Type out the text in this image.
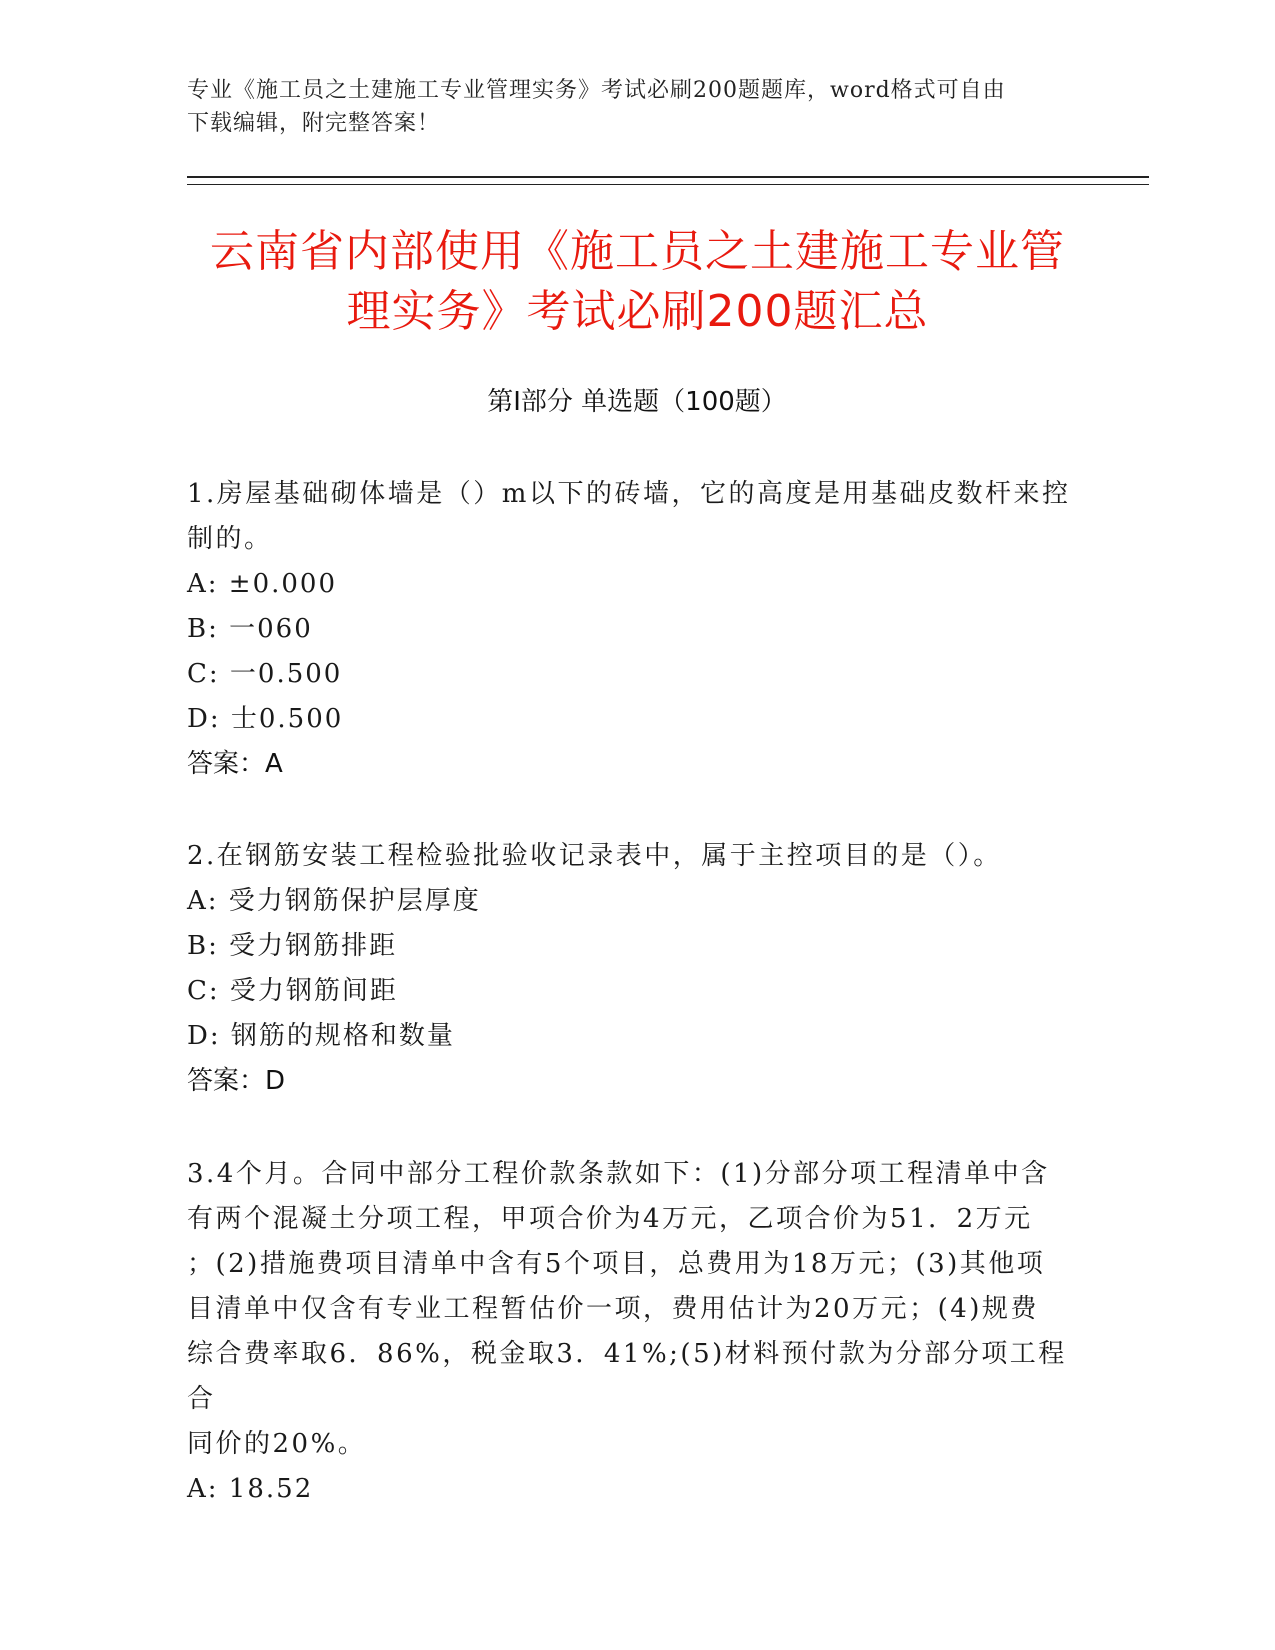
专业《施工员之土建施工专业管理实务》考试必刷200题题库，word格式可自由
下载编辑，附完整答案！
云南省内部使用《施工员之土建施工专业管
理实务》考试必刷200题汇总
第Ⅰ部分 单选题（100题）

1.房屋基础砌体墙是（）m以下的砖墙，它的高度是用基础皮数杆来控

制的。

A: ±0.000

B: 一060

C: 一0.500

D: 士0.500

答案：A

2.在钢筋安装工程检验批验收记录表中，属于主控项目的是（）。

A: 受力钢筋保护层厚度

B: 受力钢筋排距

C: 受力钢筋间距

D: 钢筋的规格和数量

答案：D

3.4个月。合同中部分工程价款条款如下：(1)分部分项工程清单中含

有两个混凝土分项工程，甲项合价为4万元，乙项合价为51．2万元

；(2)措施费项目清单中含有5个项目，总费用为18万元；(3)其他项

目清单中仅含有专业工程暂估价一项，费用估计为20万元；(4)规费

综合费率取6．86%，税金取3．41%;(5)材料预付款为分部分项工程合

同价的20%。

A: 18.52
